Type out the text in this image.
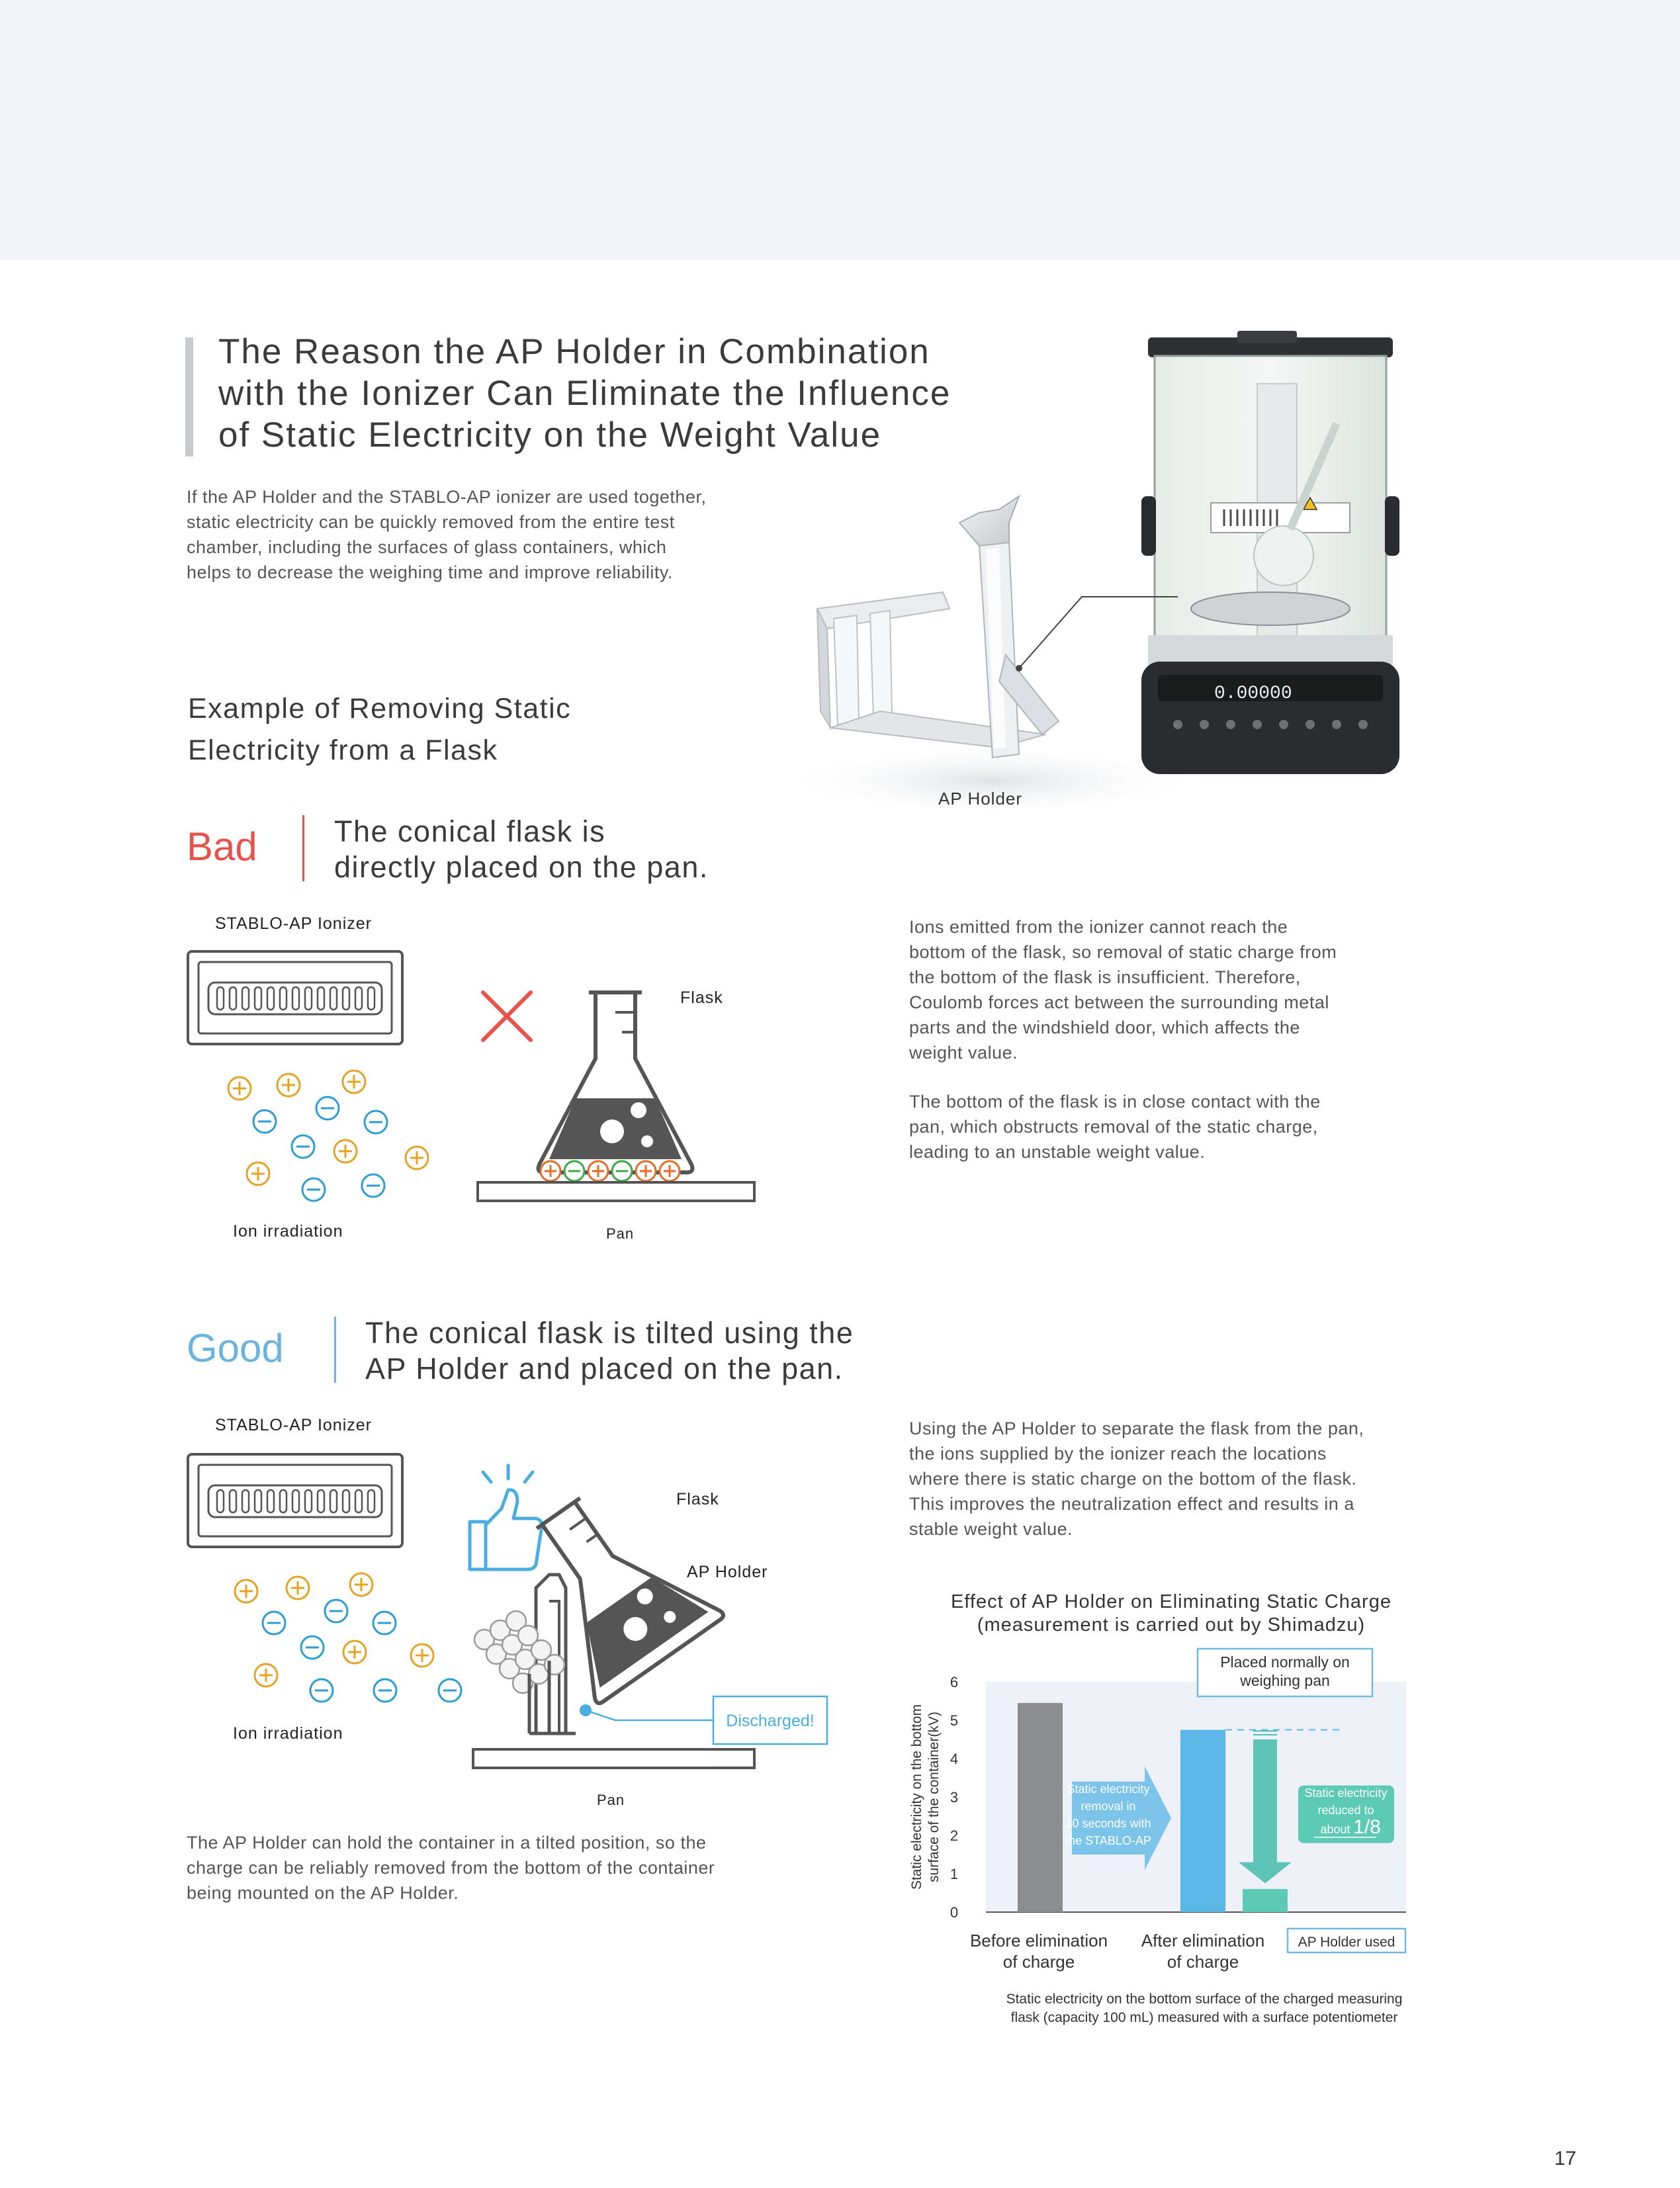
The Reason the AP Holder in Combination
with the Ionizer Can Eliminate the Influence
of Static Electricity on the Weight Value
If the AP Holder and the STABLO-AP ionizer are used together,
static electricity can be quickly removed from the entire test
chamber, including the surfaces of glass containers, which
helps to decrease the weighing time and improve reliability.
Example of Removing Static
Electricity from a Flask
0.00000
AP Holder
Bad	The conical flask is
directly placed on the pan.
STABLO-AP Ionizer
Flask
Ion irradiation	Pan
Ions emitted from the ionizer cannot reach the
bottom of the flask, so removal of static charge from
the bottom of the flask is insufficient. Therefore,
Coulomb forces act between the surrounding metal
parts and the windshield door, which affects the
weight value.
The bottom of the flask is in close contact with the
pan, which obstructs removal of the static charge,
leading to an unstable weight value.
Good	The conical flask is tilted using the
AP Holder and placed on the pan.
STABLO-AP Ionizer
Flask
AP Holder
Ion irradiation
Pan
Discharged!
Using the AP Holder to separate the flask from the pan,
the ions supplied by the ionizer reach the locations
where there is static charge on the bottom of the flask.
This improves the neutralization effect and results in a
stable weight value.
The AP Holder can hold the container in a tilted position, so the
charge can be reliably removed from the bottom of the container
being mounted on the AP Holder.
Effect of AP Holder on Eliminating Static Charge
(measurement is carried out by Shimadzu)
0
1
2
3
4
5
6
Static electricity on the bottom surface of the container(kV)	Static electricity
removal in
10 seconds with
the STABLO-AP
Static electricity
reduced to
about 1/8
Placed normally on
weighing pan
Before elimination
of charge
After elimination
of charge
AP Holder used
Static electricity on the bottom surface of the charged measuring
flask (capacity 100 mL) measured with a surface potentiometer
17
